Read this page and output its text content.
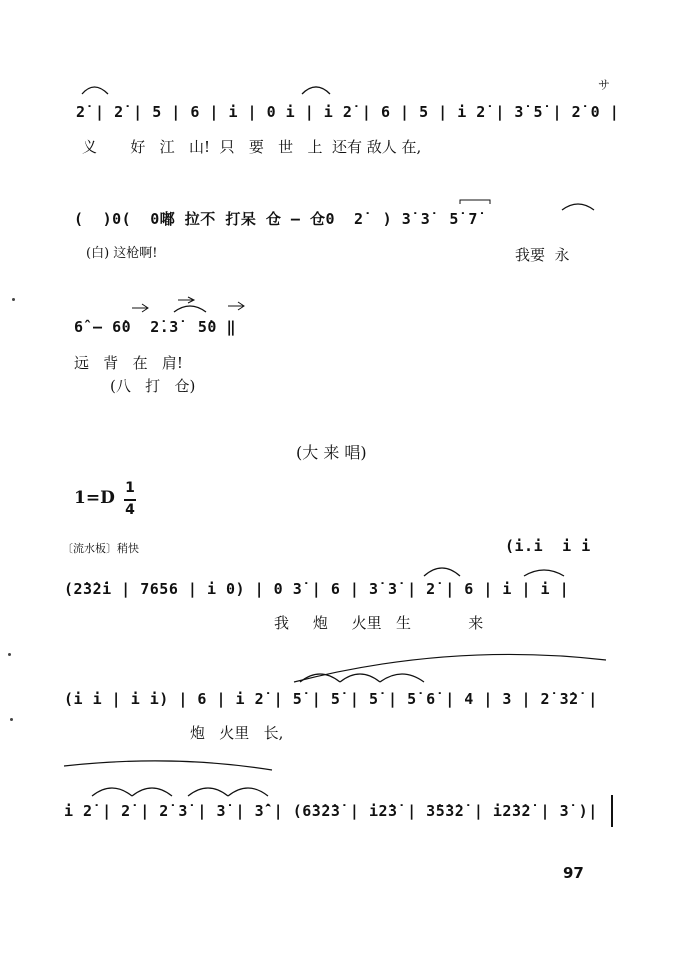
サ
2̇ | 2̇ | 5 | 6 | i | 0 i | i 2̇ | 6 | 5 | i 2̇ | 3̇ 5̇ | 2̇ 0 |
义       好   江   山!  只   要   世   上  还有 敌人 在,
(  )0(  0嘟 拉不 打呆 仓 — 仓0  2̇  ) 3̇ 3̇  5̇ 7̇
(白) 这枪啊!	我要  永
6̂ — 6̇0  2̇.3̇  5̇0 ‖
远   背   在   肩!
(八   打   仓)
(大 来 唱)
1=D 1
4
〔流水板〕稍快	(i.i  i i
(2̇3̇2̇i | 7656 | i 0) | 0 3̇ | 6 | 3̇ 3̇ | 2̇ | 6 | i | i |
我     炮     火里   生            来
(i i | i i) | 6 | i 2̇ | 5̇ | 5̇ | 5̇ | 5̇ 6̇ | 4 | 3 | 2̇ 3̇2̇ |
炮   火里   长,
i 2̇ | 2̇ | 2̇ 3̇ | 3̇ | 3̇̂ | (6̇3̇2̇3̇ | i2̇3̇ | 3̇5̇3̇2̇ | i2̇3̇2̇ | 3̇ )|
97
